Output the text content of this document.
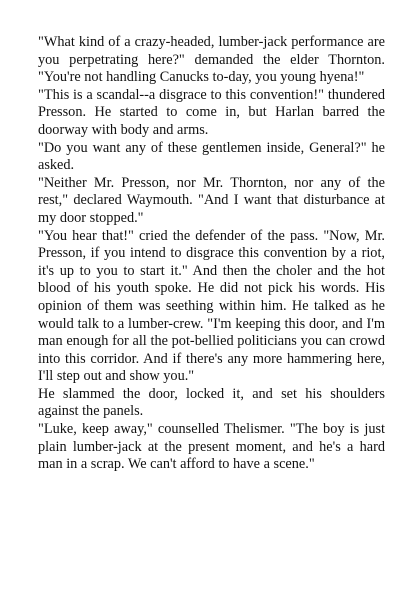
"What kind of a crazy-headed, lumber-jack performance are you perpetrating here?" demanded the elder Thornton. "You're not handling Canucks to-day, you young hyena!"

"This is a scandal--a disgrace to this convention!" thundered Presson. He started to come in, but Harlan barred the doorway with body and arms.

"Do you want any of these gentlemen inside, General?" he asked.

"Neither Mr. Presson, nor Mr. Thornton, nor any of the rest," declared Waymouth. "And I want that disturbance at my door stopped."

"You hear that!" cried the defender of the pass. "Now, Mr. Presson, if you intend to disgrace this convention by a riot, it's up to you to start it." And then the choler and the hot blood of his youth spoke. He did not pick his words. His opinion of them was seething within him. He talked as he would talk to a lumber-crew. "I'm keeping this door, and I'm man enough for all the pot-bellied politicians you can crowd into this corridor. And if there's any more hammering here, I'll step out and show you."

He slammed the door, locked it, and set his shoulders against the panels.

"Luke, keep away," counselled Thelismer. "The boy is just plain lumber-jack at the present moment, and he's a hard man in a scrap. We can't afford to have a scene."
